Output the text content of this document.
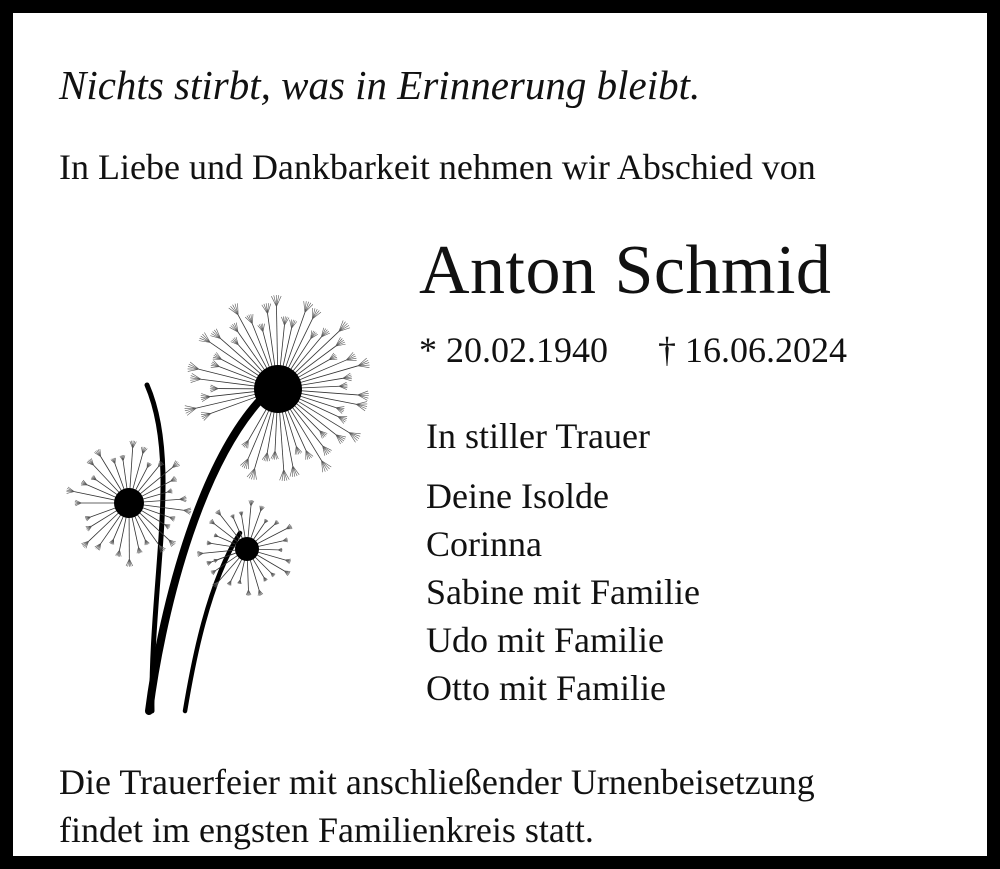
Nichts stirbt, was in Erinnerung bleibt.
In Liebe und Dankbarkeit nehmen wir Abschied von
Anton Schmid
* 20.02.1940 † 16.06.2024
In stiller Trauer
Deine Isolde
Corinna
Sabine mit Familie
Udo mit Familie
Otto mit Familie
Die Trauerfeier mit anschließender Urnenbeisetzung
findet im engsten Familienkreis statt.
